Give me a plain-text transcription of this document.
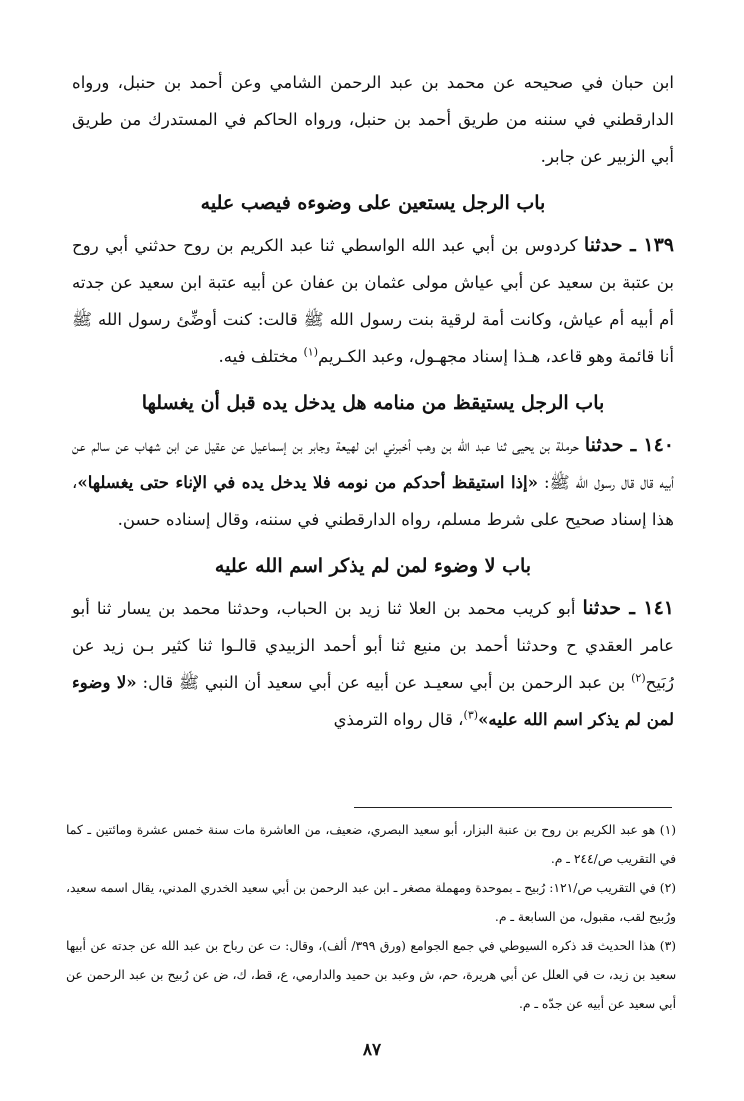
ابن حبان في صحيحه عن محمد بن عبد الرحمن الشامي وعن أحمد بن حنبل، ورواه الدارقطني في سننه من طريق أحمد بن حنبل، ورواه الحاكم في المستدرك من طريق أبي الزبير عن جابر.

باب الرجل يستعين على وضوءه فيصب عليه

١٣٩ ـ حدثنا كردوس بن أبي عبد الله الواسطي ثنا عبد الكريم بن روح حدثني أبي روح بن عتبة بن سعيد عن أبي عياش مولى عثمان بن عفان عن أبيه عتبة ابن سعيد عن جدته أم أبيه أم عياش، وكانت أمة لرقية بنت رسول الله ﷺ قالت: كنت أوضِّئ رسول الله ﷺ أنا قائمة وهو قاعد، هـذا إسناد مجهـول، وعبد الكـريم$^{(١)}$ مختلف فيه.

باب الرجل يستيقظ من منامه هل يدخل يده قبل أن يغسلها

١٤٠ ـ حدثنا حرملة بن يحيى ثنا عبد الله بن وهب أخبرني ابن لهيعة وجابر بن إسماعيل عن عقيل عن ابن شهاب عن سالم عن أبيه قال قال رسول الله ﷺ: «إذا استيقظ أحدكم من نومه فلا يدخل يده في الإناء حتى يغسلها»، هذا إسناد صحيح على شرط مسلم، رواه الدارقطني في سننه، وقال إسناده حسن.

باب لا وضوء لمن لم يذكر اسم الله عليه

١٤١ ـ حدثنا أبو كريب محمد بن العلا ثنا زيد بن الحباب، وحدثنا محمد بن يسار ثنا أبو عامر العقدي ح وحدثنا أحمد بن منيع ثنا أبو أحمد الزبيدي قالـوا ثنا كثير بـن زيد عن رُبَيح$^{(٢)}$ بن عبد الرحمن بن أبي سعيـد عن أبيه عن أبي سعيد أن النبي ﷺ قال: «لا وضوء لمن لم يذكر اسم الله عليه»$^{(٣)}$، قال رواه الترمذي

(١) هو عبد الكريم بن روح بن عنبة البزار، أبو سعيد البصري، ضعيف، من العاشرة مات سنة خمس عشرة ومائتين ـ كما في التقريب ص/٢٤٤ ـ م.

(٢) في التقريب ص/١٢١: رُبيح ـ بموحدة ومهملة مصغر ـ ابن عبد الرحمن بن أبي سعيد الخدري المدني، يقال اسمه سعيد، ورُبيح لقب، مقبول، من السابعة ـ م.

(٣) هذا الحديث قد ذكره السيوطي في جمع الجوامع (ورق ٣٩٩/ ألف)، وقال: ت عن رباح بن عبد الله عن جدته عن أبيها سعيد بن زيد، ت في العلل عن أبي هريرة، حم، ش وعبد بن حميد والدارمي، ع، قط، ك، ض عن رُبيح بن عبد الرحمن عن أبي سعيد عن أبيه عن جدّه ـ م.

٨٧
